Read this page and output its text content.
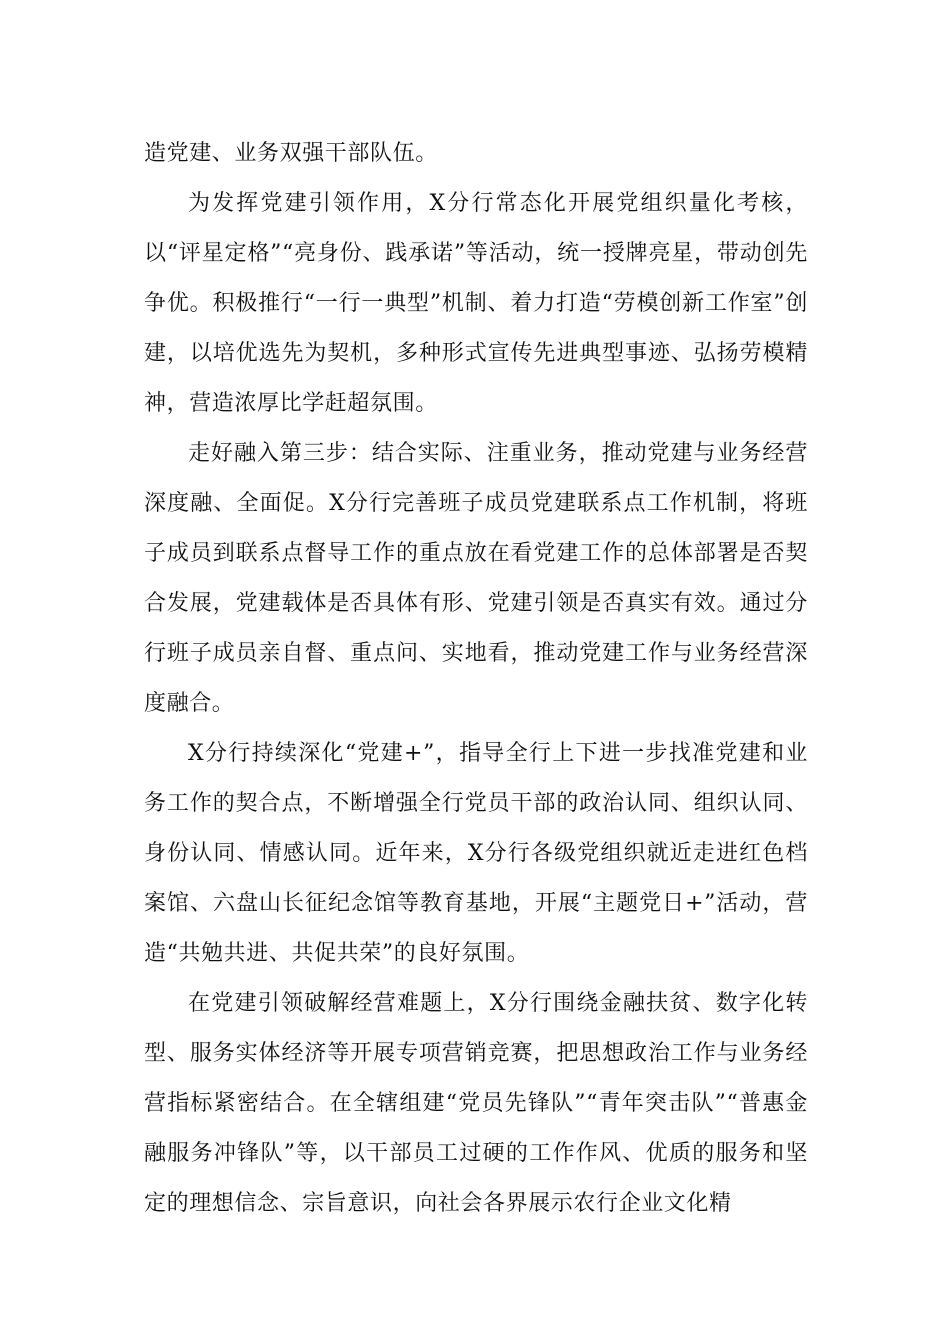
造党建、业务双强干部队伍。

为发挥党建引领作用，X分行常态化开展党组织量化考核，以“评星定格”“亮身份、践承诺”等活动，统一授牌亮星，带动创先争优。积极推行“一行一典型”机制、着力打造“劳模创新工作室”创建，以培优选先为契机，多种形式宣传先进典型事迹、弘扬劳模精神，营造浓厚比学赶超氛围。

走好融入第三步：结合实际、注重业务，推动党建与业务经营深度融、全面促。X分行完善班子成员党建联系点工作机制，将班子成员到联系点督导工作的重点放在看党建工作的总体部署是否契合发展，党建载体是否具体有形、党建引领是否真实有效。通过分行班子成员亲自督、重点问、实地看，推动党建工作与业务经营深度融合。

X分行持续深化“党建+”，指导全行上下进一步找准党建和业务工作的契合点，不断增强全行党员干部的政治认同、组织认同、身份认同、情感认同。近年来，X分行各级党组织就近走进红色档案馆、六盘山长征纪念馆等教育基地，开展“主题党日+”活动，营造“共勉共进、共促共荣”的良好氛围。

在党建引领破解经营难题上，X分行围绕金融扶贫、数字化转型、服务实体经济等开展专项营销竞赛，把思想政治工作与业务经营指标紧密结合。在全辖组建“党员先锋队”“青年突击队”“普惠金融服务冲锋队”等，以干部员工过硬的工作作风、优质的服务和坚定的理想信念、宗旨意识，向社会各界展示农行企业文化精
